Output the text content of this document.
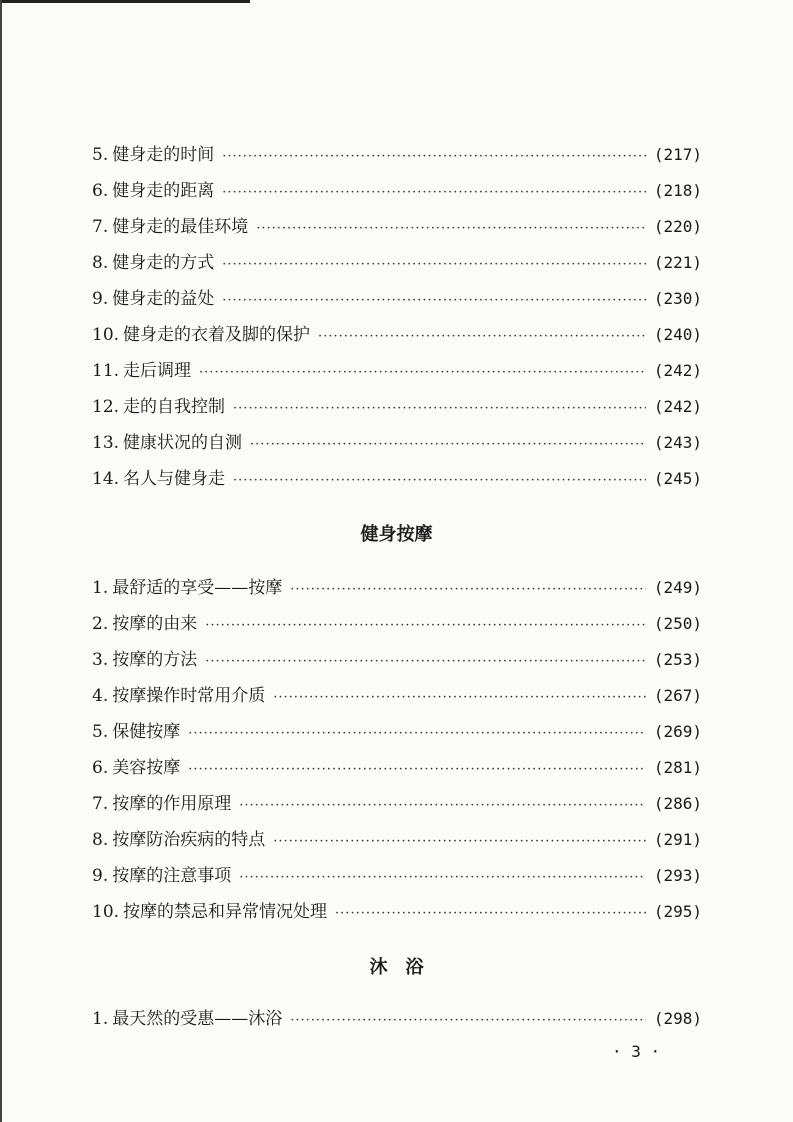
5. 健身走的时间 ·····	(217)
6. 健身走的距离 ·····	(218)
7. 健身走的最佳环境 ·····	(220)
8. 健身走的方式 ·····	(221)
9. 健身走的益处 ·····	(230)
10. 健身走的衣着及脚的保护 ·····	(240)
11. 走后调理 ·····	(242)
12. 走的自我控制 ·····	(242)
13. 健康状况的自测 ·····	(243)
14. 名人与健身走 ·····	(245)
健身按摩
1. 最舒适的享受——按摩 ·····	(249)
2. 按摩的由来 ·····	(250)
3. 按摩的方法 ·····	(253)
4. 按摩操作时常用介质 ·····	(267)
5. 保健按摩 ·····	(269)
6. 美容按摩 ·····	(281)
7. 按摩的作用原理 ·····	(286)
8. 按摩防治疾病的特点 ·····	(291)
9. 按摩的注意事项 ·····	(293)
10. 按摩的禁忌和异常情况处理 ·····	(295)
沐　浴
1. 最天然的受惠——沐浴 ·····	(298)
· 3 ·
